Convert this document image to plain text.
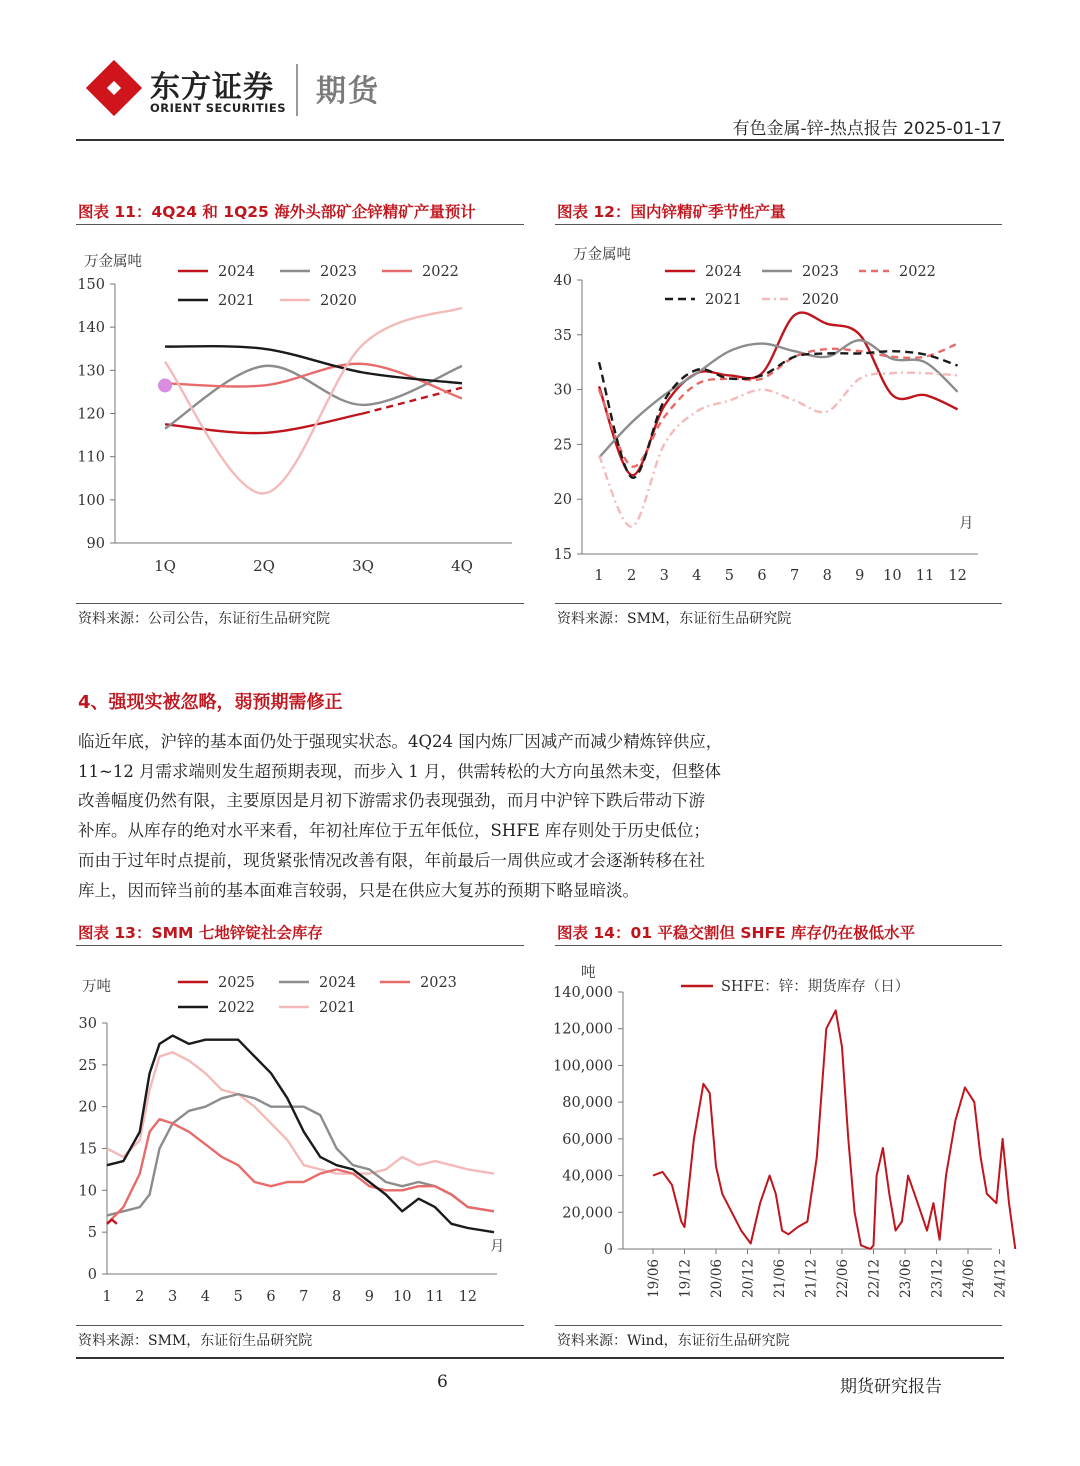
东方证券
ORIENT SECURITIES 期货
有色金属-锌-热点报告 2025-01-17
图表 11：4Q24 和 1Q25 海外头部矿企锌精矿产量预计
万金属吨
90
100
110
120
130
140
150
1Q	2Q	3Q	4Q
2024	2023	2022
2021	2020
资料来源：公司公告，东证衍生品研究院
图表 12：国内锌精矿季节性产量
万金属吨
15
20
25
30
35
40
1 2 3 4 5 6 7 8 9 10 11 12
月
2024	2023	2022
2021	2020
资料来源：SMM，东证衍生品研究院
4、强现实被忽略，弱预期需修正
临近年底，沪锌的基本面仍处于强现实状态。4Q24 国内炼厂因减产而减少精炼锌供应，
11~12 月需求端则发生超预期表现，而步入 1 月，供需转松的大方向虽然未变，但整体
改善幅度仍然有限，主要原因是月初下游需求仍表现强劲，而月中沪锌下跌后带动下游
补库。从库存的绝对水平来看，年初社库位于五年低位，SHFE 库存则处于历史低位；
而由于过年时点提前，现货紧张情况改善有限，年前最后一周供应或才会逐渐转移在社
库上，因而锌当前的基本面难言较弱，只是在供应大复苏的预期下略显暗淡。
图表 13：SMM 七地锌锭社会库存
万吨
0
5
10
15
20
25
30
1 2 3 4 5 6 7 8 9 10 11 12
月
2025	2024	2023
2022	2021
资料来源：SMM，东证衍生品研究院
图表 14：01 平稳交割但 SHFE 库存仍在极低水平
吨
0
20,000
40,000
60,000
80,000
100,000
120,000
140,000
19/06 19/12 20/06 20/12 21/06 21/12 22/06 22/12 23/06 23/12 24/06 24/12
SHFE：锌：期货库存（日）
资料来源：Wind，东证衍生品研究院
6	期货研究报告
